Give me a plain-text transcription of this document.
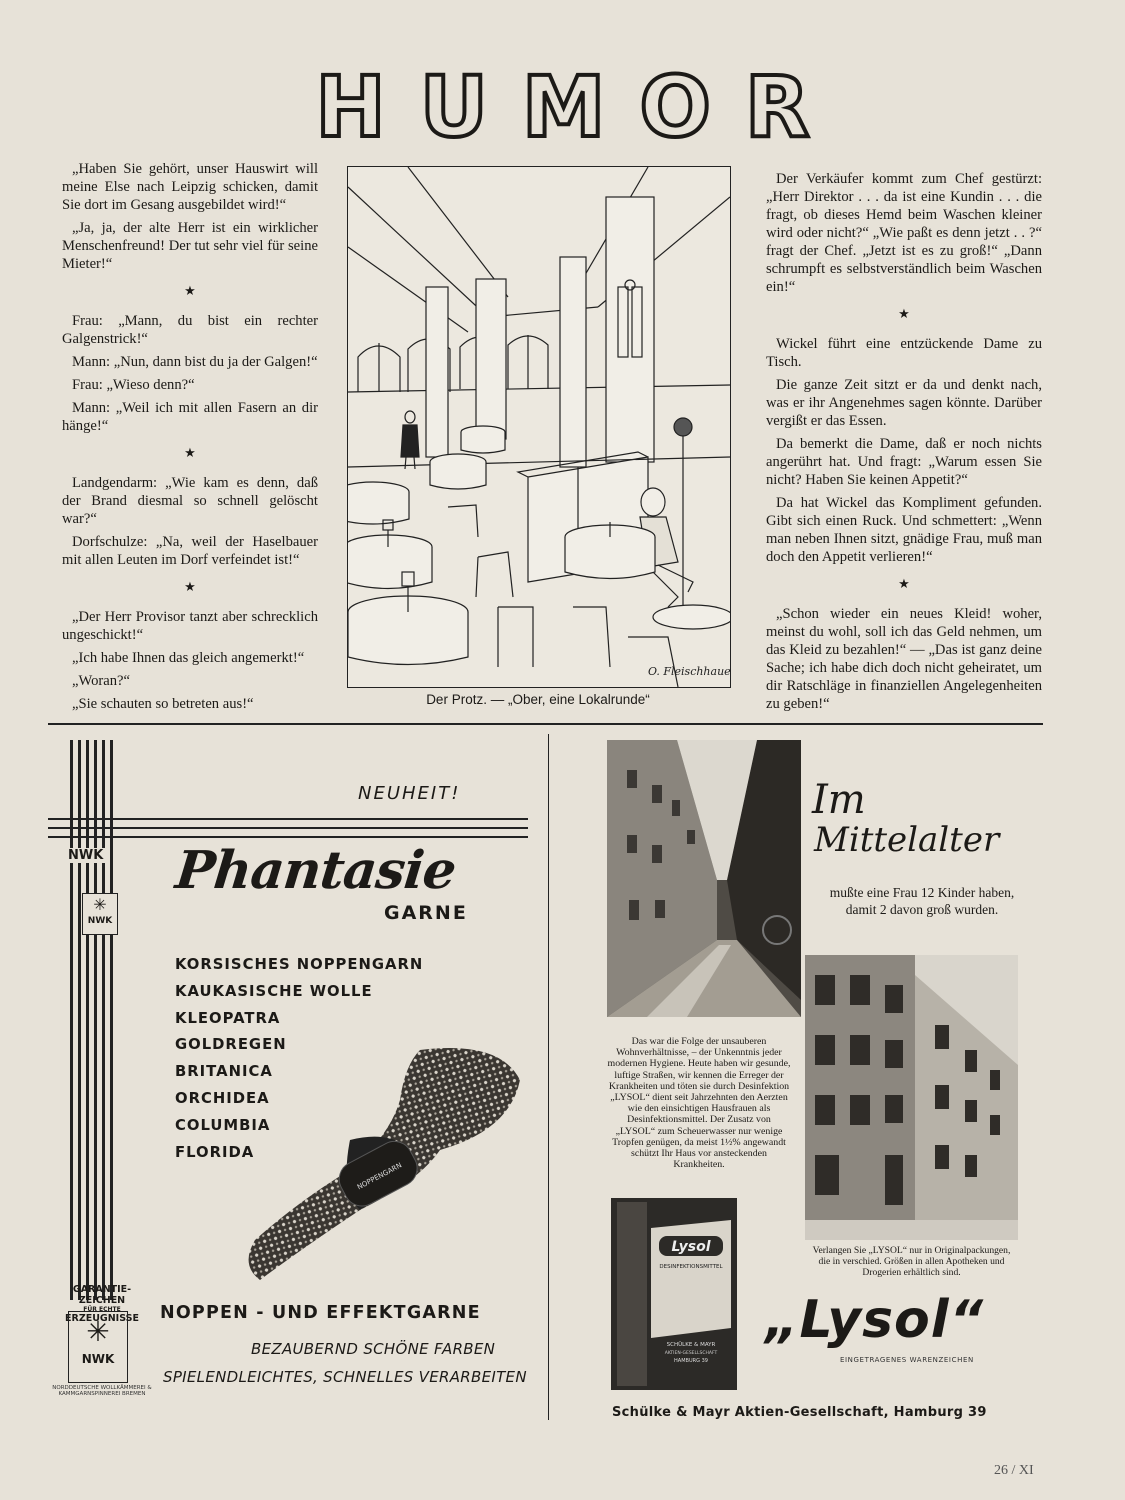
HUMOR

„Haben Sie gehört, unser Hauswirt will meine Else nach Leipzig schicken, damit Sie dort im Gesang ausgebildet wird!“

„Ja, ja, der alte Herr ist ein wirklicher Menschenfreund! Der tut sehr viel für seine Mieter!“

★

Frau: „Mann, du bist ein rechter Galgenstrick!“

Mann: „Nun, dann bist du ja der Galgen!“

Frau: „Wieso denn?“

Mann: „Weil ich mit allen Fasern an dir hänge!“

★

Landgendarm: „Wie kam es denn, daß der Brand diesmal so schnell gelöscht war?“

Dorfschulze: „Na, weil der Haselbauer mit allen Leuten im Dorf verfeindet ist!“

★

„Der Herr Provisor tanzt aber schrecklich ungeschickt!“

„Ich habe Ihnen das gleich angemerkt!“

„Woran?“

„Sie schauten so betreten aus!“

O. Fleischhauer
Der Protz. — „Ober, eine Lokalrunde“

Der Verkäufer kommt zum Chef gestürzt: „Herr Direktor . . . da ist eine Kundin . . . die fragt, ob dieses Hemd beim Waschen kleiner wird oder nicht?“ „Wie paßt es denn jetzt . . ?“ fragt der Chef. „Jetzt ist es zu groß!“ „Dann schrumpft es selbstverständlich beim Waschen ein!“

★

Wickel führt eine entzückende Dame zu Tisch.

Die ganze Zeit sitzt er da und denkt nach, was er ihr Angenehmes sagen könnte. Darüber vergißt er das Essen.

Da bemerkt die Dame, daß er noch nichts angerührt hat. Und fragt: „Warum essen Sie nicht? Haben Sie keinen Appetit?“

Da hat Wickel das Kompliment gefunden. Gibt sich einen Ruck. Und schmettert: „Wenn man neben Ihnen sitzt, gnädige Frau, muß man doch den Appetit verlieren!“

★

„Schon wieder ein neues Kleid! woher, meinst du wohl, soll ich das Geld nehmen, um das Kleid zu bezahlen!“ — „Das ist ganz deine Sache; ich habe dich doch nicht geheiratet, um dir Ratschläge in finanziellen Angelegenheiten zu geben!“

NEUHEIT!
NWK
✳
NWK
Phantasie
GARNE
KORSISCHES NOPPENGARN
KAUKASISCHE WOLLE
KLEOPATRA
GOLDREGEN
BRITANICA
ORCHIDEA
COLUMBIA
FLORIDA
NOPPENGARN
GARANTIE-ZEICHEN
FÜR ECHTE
ERZEUGNISSE
✳
NWK
NORDDEUTSCHE WOLLKÄMMEREI & KAMMGARNSPINNEREI BREMEN
NOPPEN - UND EFFEKTGARNE
BEZAUBERND SCHÖNE FARBEN
SPIELENDLEICHTES, SCHNELLES VERARBEITEN
Im
Mittelalter
mußte eine Frau 12 Kinder haben, damit 2 davon groß wurden.
Das war die Folge der unsauberen Wohnverhältnisse, – der Unkenntnis jeder modernen Hygiene. Heute haben wir gesunde, luftige Straßen, wir kennen die Erreger der Krankheiten und töten sie durch Desinfektion „LYSOL“ dient seit Jahrzehnten den Aerzten wie den einsichtigen Hausfrauen als Desinfektionsmittel. Der Zusatz von „LYSOL“ zum Scheuerwasser nur wenige Tropfen genügen, da meist 1½% angewandt schützt Ihr Haus vor ansteckenden Krankheiten.
Lysol
DESINFEKTIONSMITTEL
SCHÜLKE & MAYR
AKTIEN-GESELLSCHAFT
HAMBURG 39
Verlangen Sie „LYSOL“ nur in Originalpackungen, die in verschied. Größen in allen Apotheken und Drogerien erhältlich sind.
„Lysol“
EINGETRAGENES WARENZEICHEN
Schülke & Mayr Aktien-Gesellschaft, Hamburg 39
26 / XI
